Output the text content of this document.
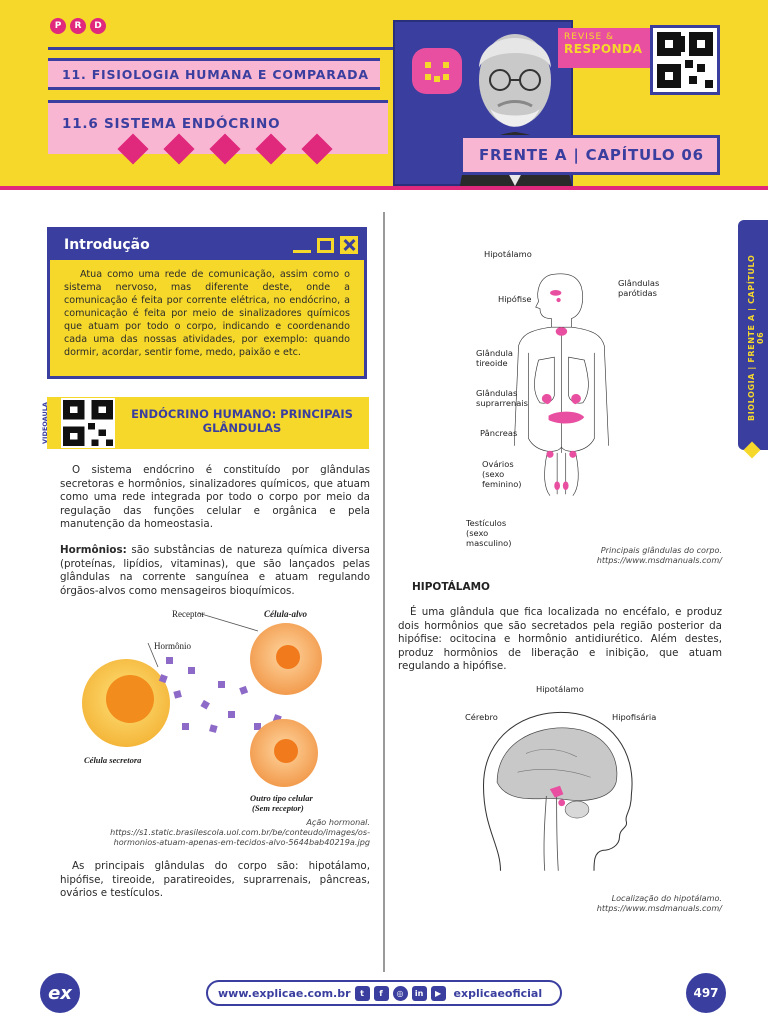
P	R	D
11. FISIOLOGIA HUMANA E COMPARADA
11.6 SISTEMA ENDÓCRINO
REVISE &
RESPONDA
FRENTE A | CAPÍTULO 06
Introdução

Atua como uma rede de comunicação, assim como o sistema nervoso, mas diferente deste, onde a comunicação é feita por corrente elétrica, no endócrino, a comunicação é feita por meio de sinalizadores químicos que atuam por todo o corpo, indicando e coordenando cada uma das nossas atividades, por exemplo: quando dormir, acordar, sentir fome, medo, paixão e etc.

VIDEOAULA	ENDÓCRINO HUMANO: PRINCIPAIS GLÂNDULAS

O sistema endócrino é constituído por glândulas secretoras e hormônios, sinalizadores químicos, que atuam como uma rede integrada por todo o corpo por meio da regulação das funções celular e orgânica e pela manutenção da homeostasia.

Hormônios: são substâncias de natureza química diversa (proteínas, lipídios, vitaminas), que são lançados pelas glândulas na corrente sanguínea e atuam regulando órgãos-alvos como mensageiros bioquímicos.

Receptor	Célula-alvo
Hormônio
Célula secretora
Outro tipo celular
(Sem receptor)
Ação hormonal.
https://s1.static.brasilescola.uol.com.br/be/conteudo/images/os-hormonios-atuam-apenas-em-tecidos-alvo-5644bab40219a.jpg

As principais glândulas do corpo são: hipotálamo, hipófise, tireoide, paratireoides, suprarrenais, pâncreas, ovários e testículos.

Hipotálamo
Hipófise
Glândulas parótidas
Glândula tireoide
Glândulas suprarrenais
Pâncreas
Ovários (sexo feminino)
Testículos (sexo masculino)
Principais glândulas do corpo.
https://www.msdmanuals.com/
HIPOTÁLAMO

É uma glândula que fica localizada no encéfalo, e produz dois hormônios que são secretados pela região posterior da hipófise: ocitocina e hormônio antidiurético. Além destes, produz hormônios de liberação e inibição, que atuam regulando a hipófise.

Hipotálamo
Cérebro	Hipofisária
Localização do hipotálamo.
https://www.msdmanuals.com/
BIOLOGIA | FRENTE A | CAPÍTULO 06
ex	www.explicae.com.br	t	f	◎	in	▶	explicaeoficial	497
